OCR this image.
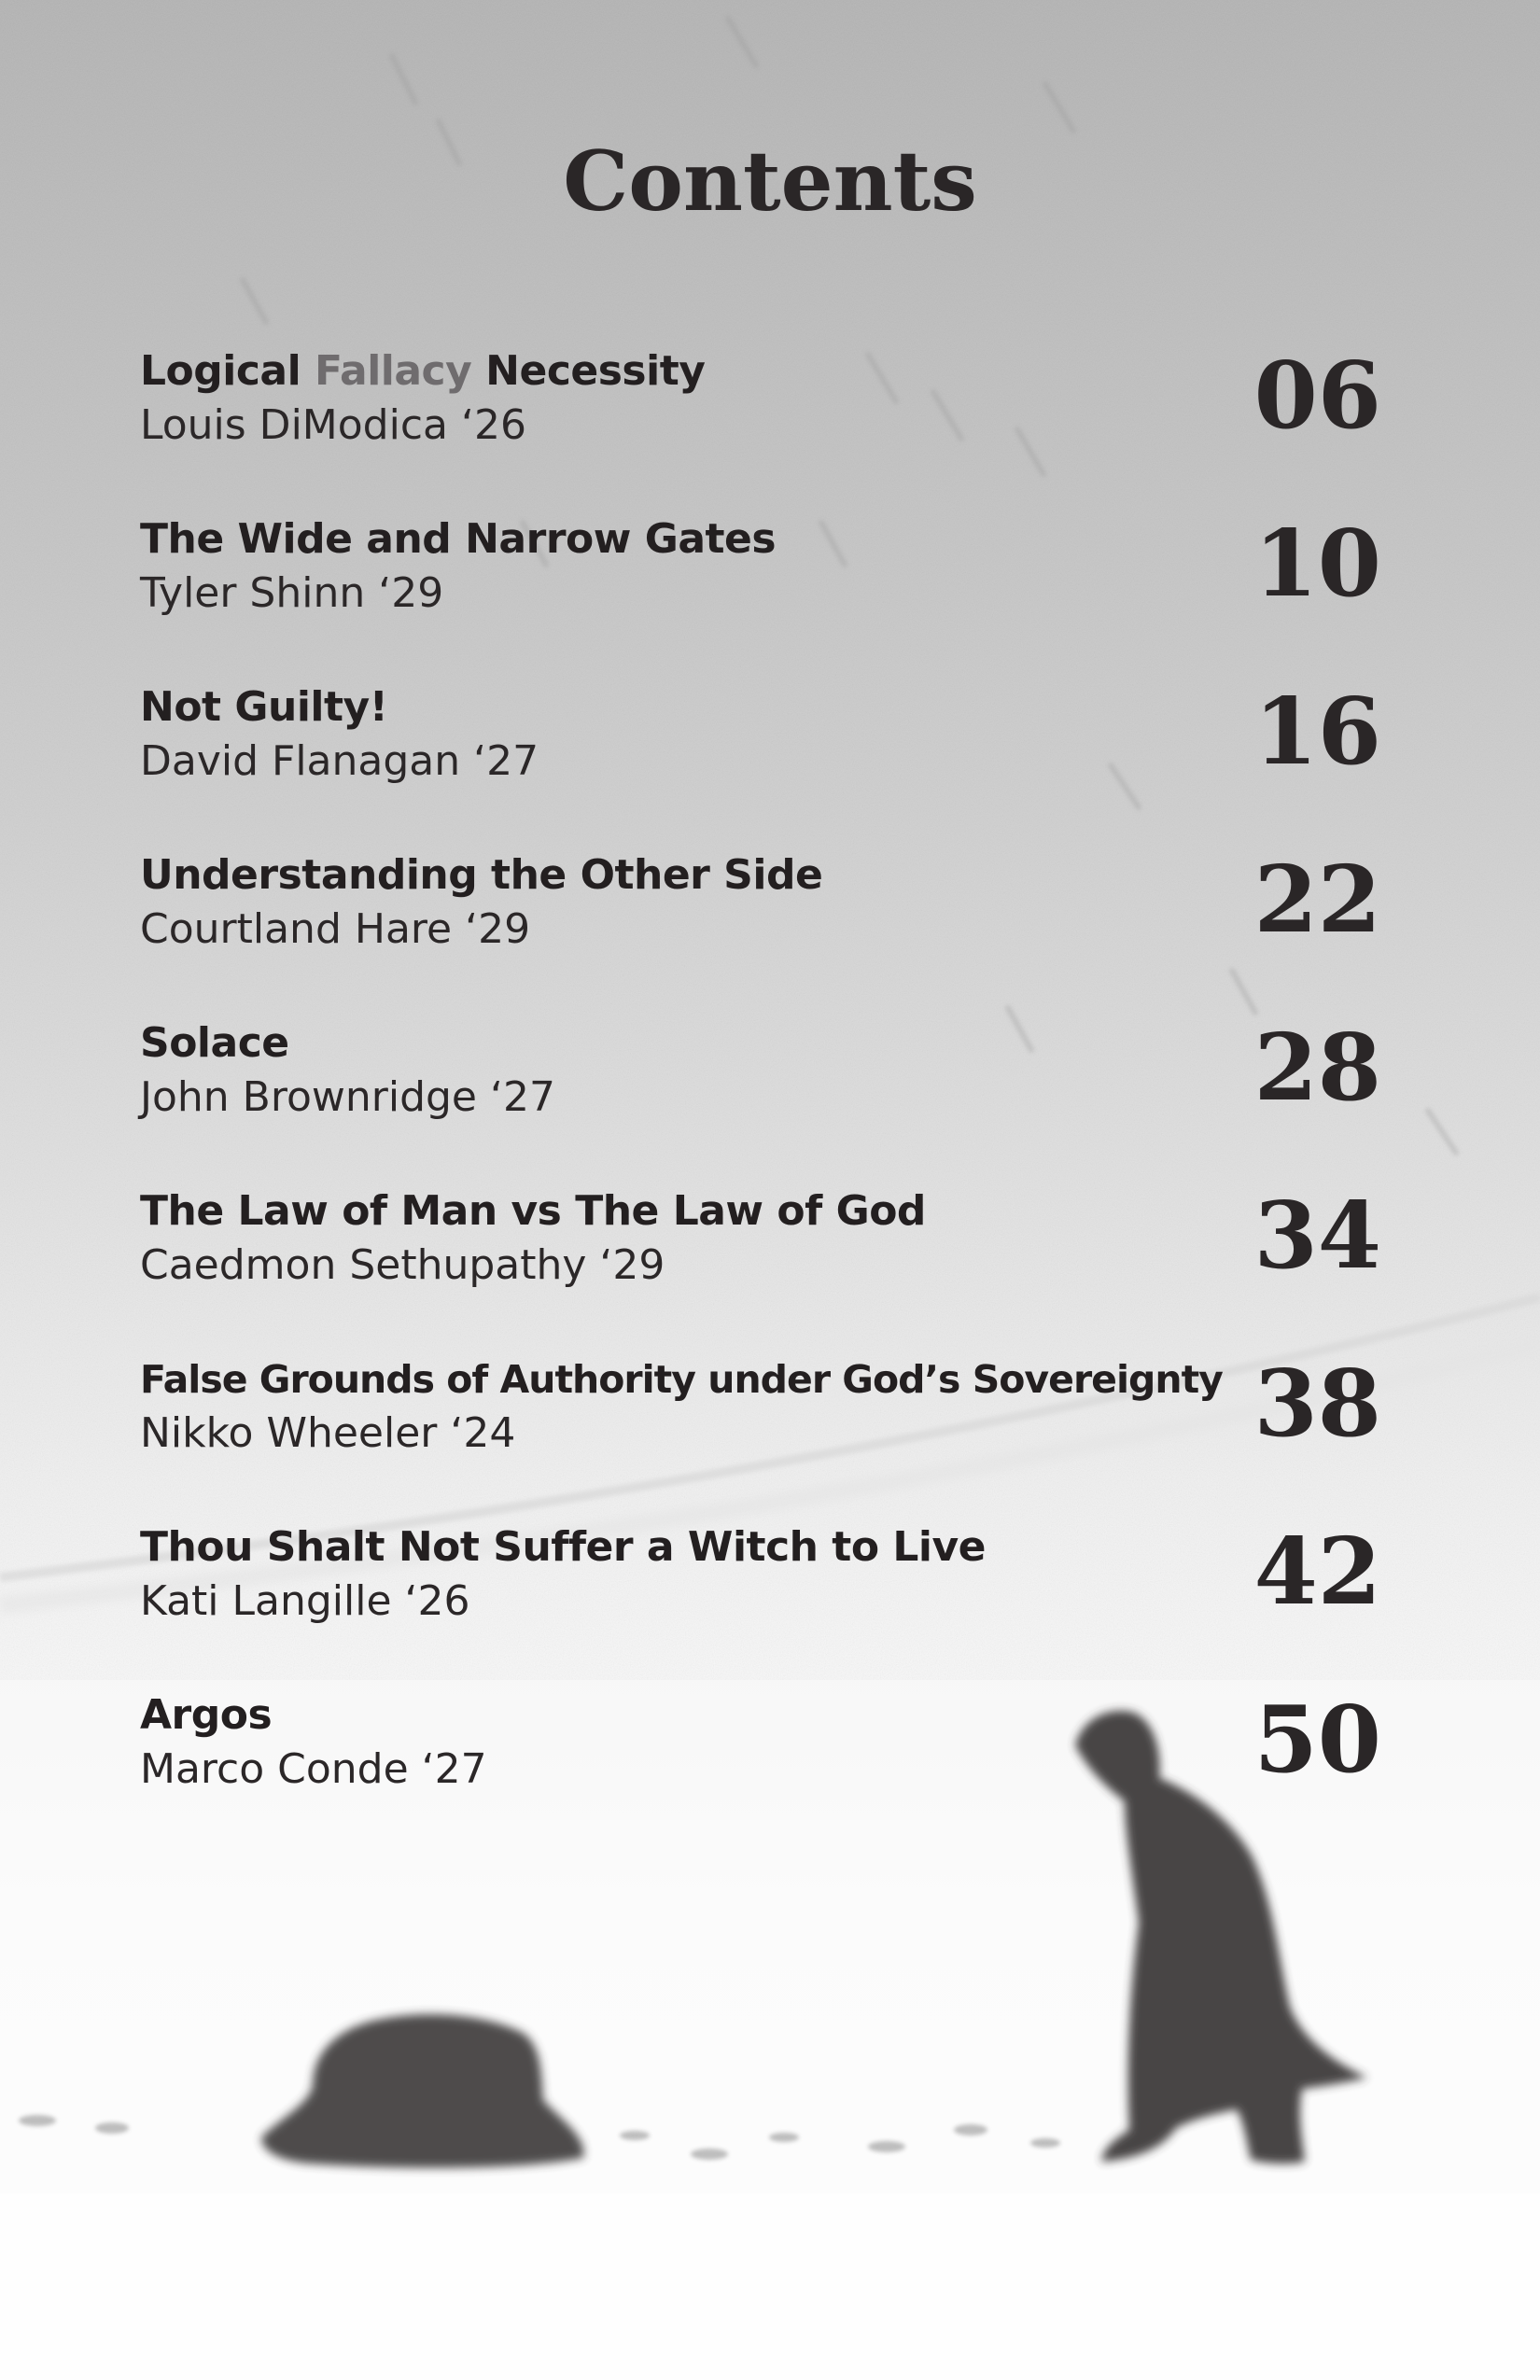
Contents
Logical Fallacy Necessity
Louis DiModica ‘26	06
The Wide and Narrow Gates
Tyler Shinn ‘29	10
Not Guilty!
David Flanagan ‘27	16
Understanding the Other Side
Courtland Hare ‘29	22
Solace
John Brownridge ‘27	28
The Law of Man vs The Law of God
Caedmon Sethupathy ‘29	34
False Grounds of Authority under God’s Sovereignty
Nikko Wheeler ‘24	38
Thou Shalt Not Suffer a Witch to Live
Kati Langille ‘26	42
Argos
Marco Conde ‘27	50
